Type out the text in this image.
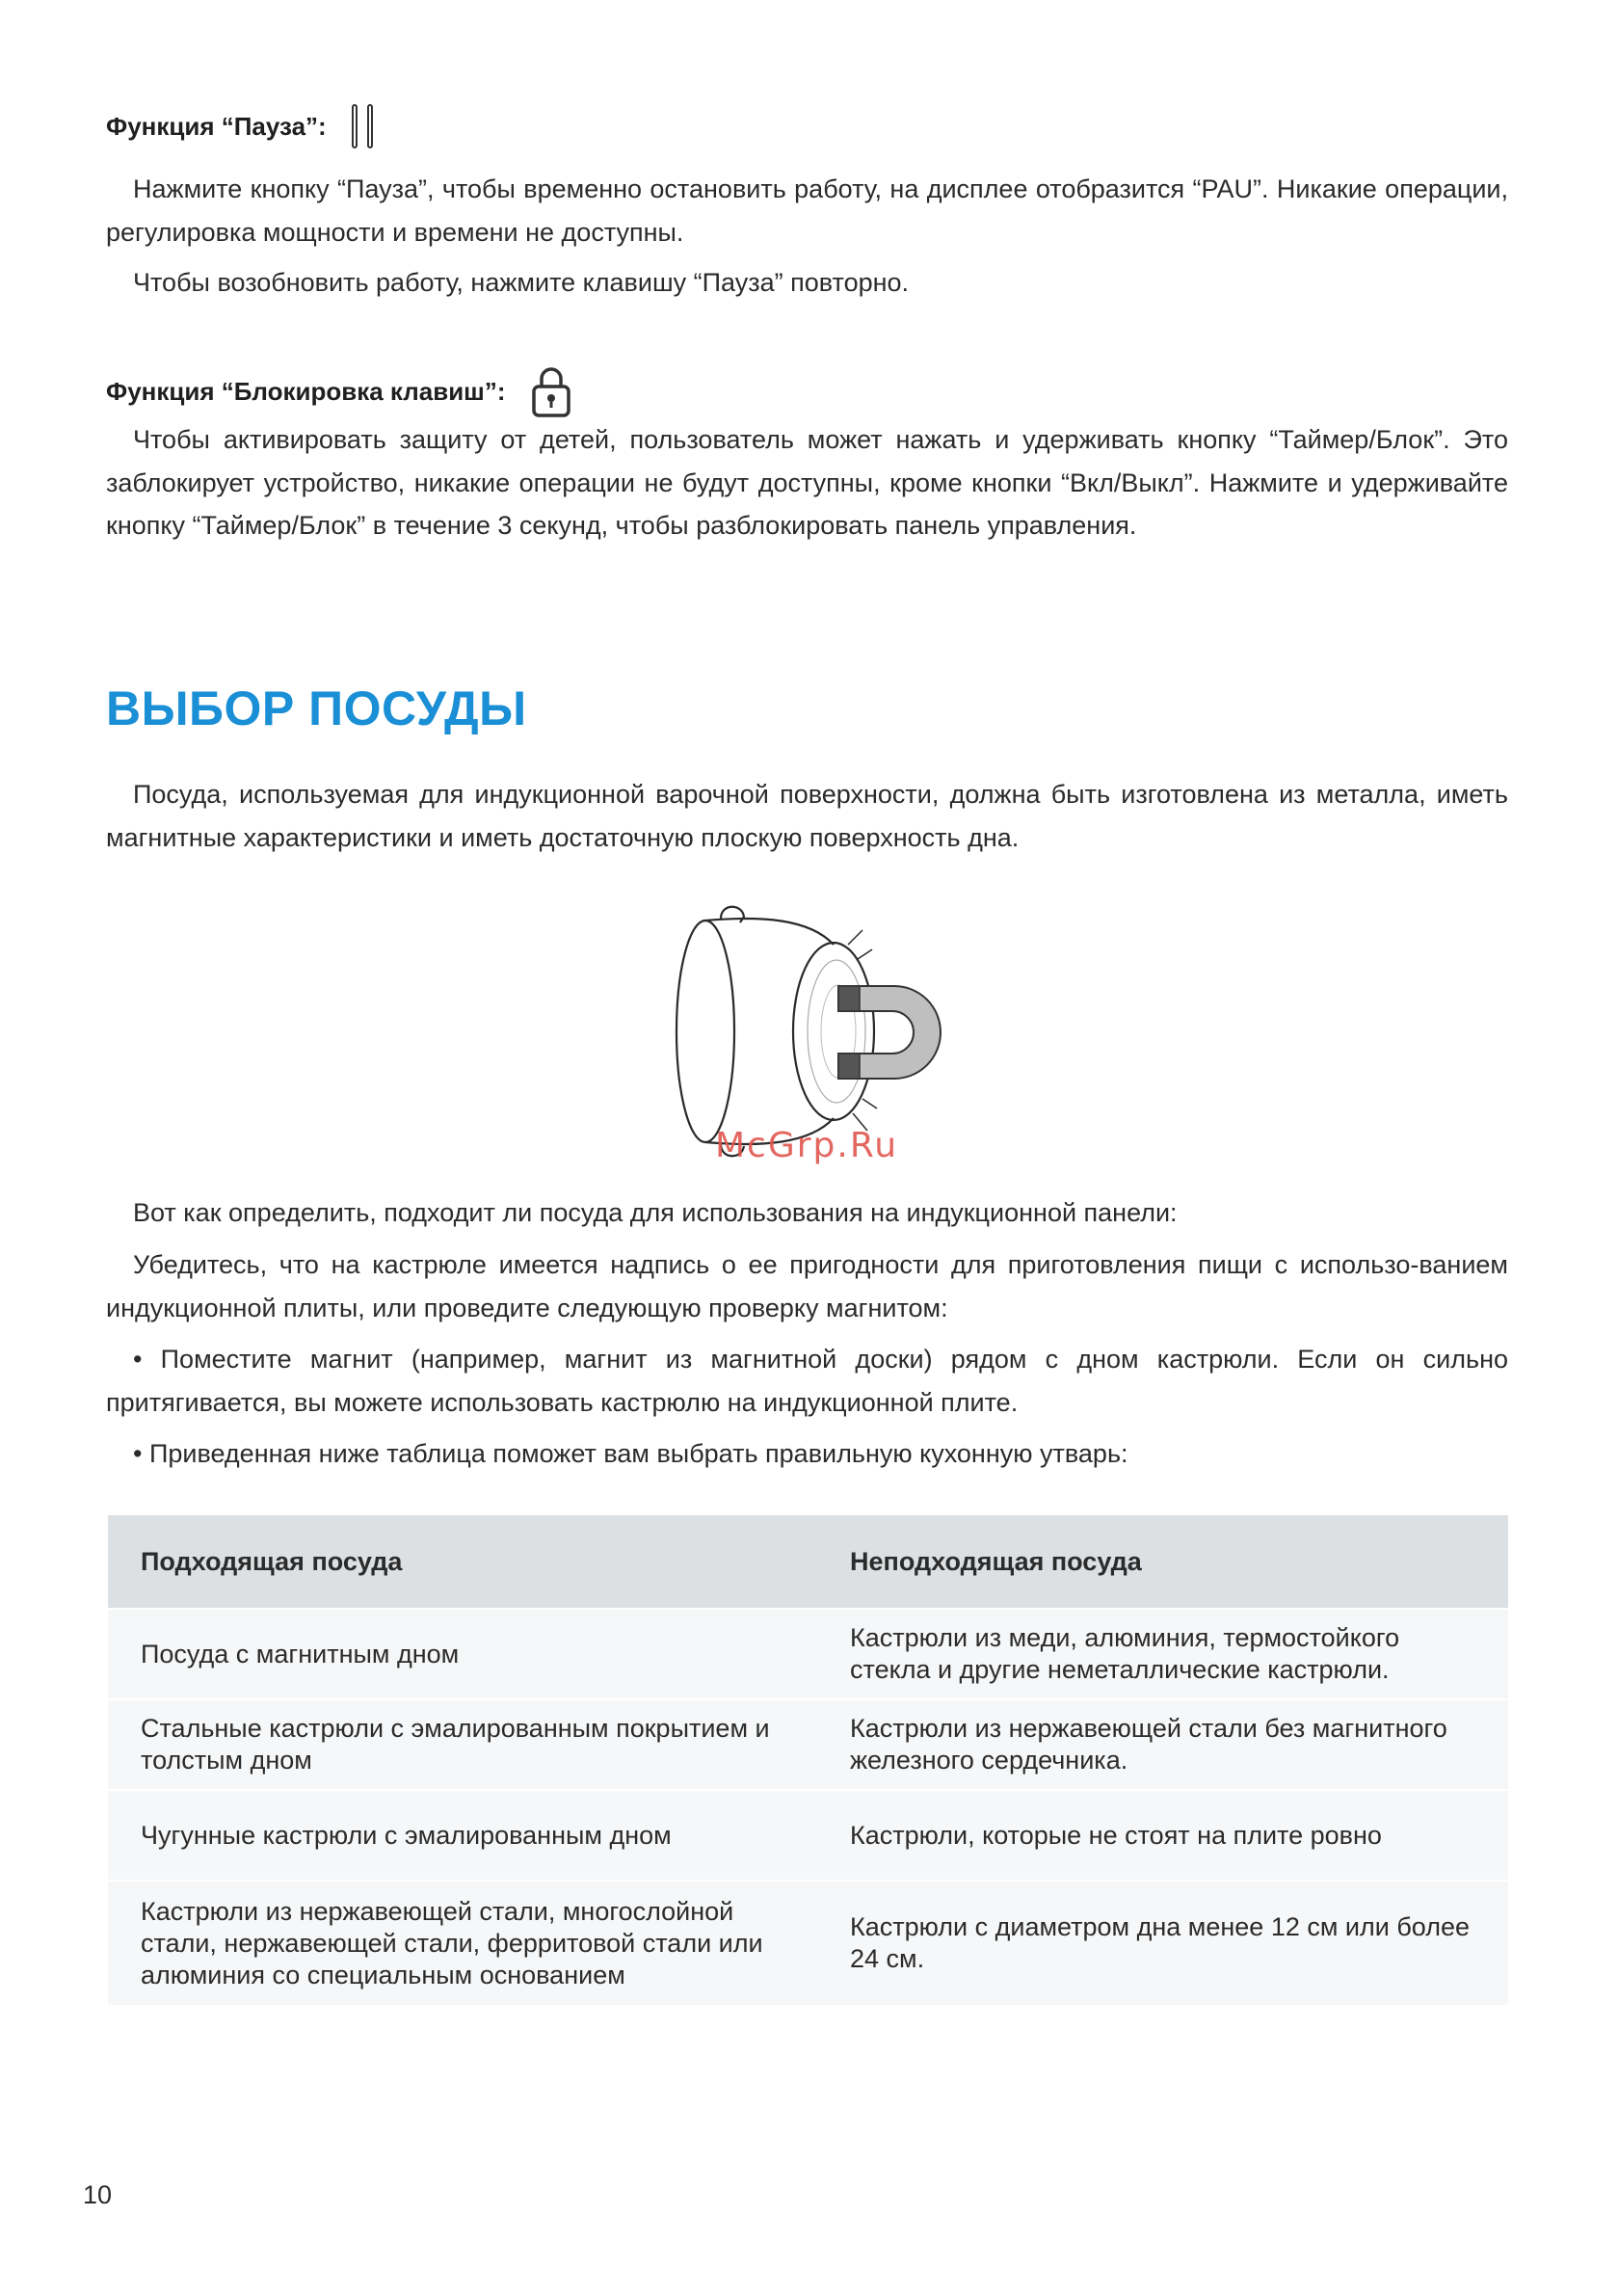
Функция “Пауза”:

Нажмите кнопку “Пауза”, чтобы временно остановить работу, на дисплее отобразится “PAU”. Никакие операции, регулировка мощности и времени не доступны.

Чтобы возобновить работу, нажмите клавишу “Пауза” повторно.

Функция “Блокировка клавиш”:

Чтобы активировать защиту от детей, пользователь может нажать и удерживать кнопку “Таймер/Блок”. Это заблокирует устройство, никакие операции не будут доступны, кроме кнопки “Вкл/Выкл”. Нажмите и удерживайте кнопку “Таймер/Блок” в течение 3 секунд, чтобы разблокировать панель управления.

ВЫБОР ПОСУДЫ

Посуда, используемая для индукционной варочной поверхности, должна быть изготовлена из металла, иметь магнитные характеристики и иметь достаточную плоскую поверхность дна.

McGrp.Ru

Вот как определить, подходит ли посуда для использования на индукционной панели:

Убедитесь, что на кастрюле имеется надпись о ее пригодности для приготовления пищи с использо-ванием индукционной плиты, или проведите следующую проверку магнитом:

• Поместите магнит (например, магнит из магнитной доски) рядом с дном кастрюли. Если он сильно притягивается, вы можете использовать кастрюлю на индукционной плите.

• Приведенная ниже таблица поможет вам выбрать правильную кухонную утварь:

Подходящая посуда	Неподходящая посуда
Посуда с магнитным дном	Кастрюли из меди, алюминия, термостойкого стекла и другие неметаллические кастрюли.
Стальные кастрюли с эмалированным покрытием и толстым дном	Кастрюли из нержавеющей стали без магнитного железного сердечника.
Чугунные кастрюли с эмалированным дном	Кастрюли, которые не стоят на плите ровно
Кастрюли из нержавеющей стали, многослойной стали, нержавеющей стали, ферритовой стали или алюминия со специальным основанием	Кастрюли с диаметром дна менее 12 см или более 24 см.
10
